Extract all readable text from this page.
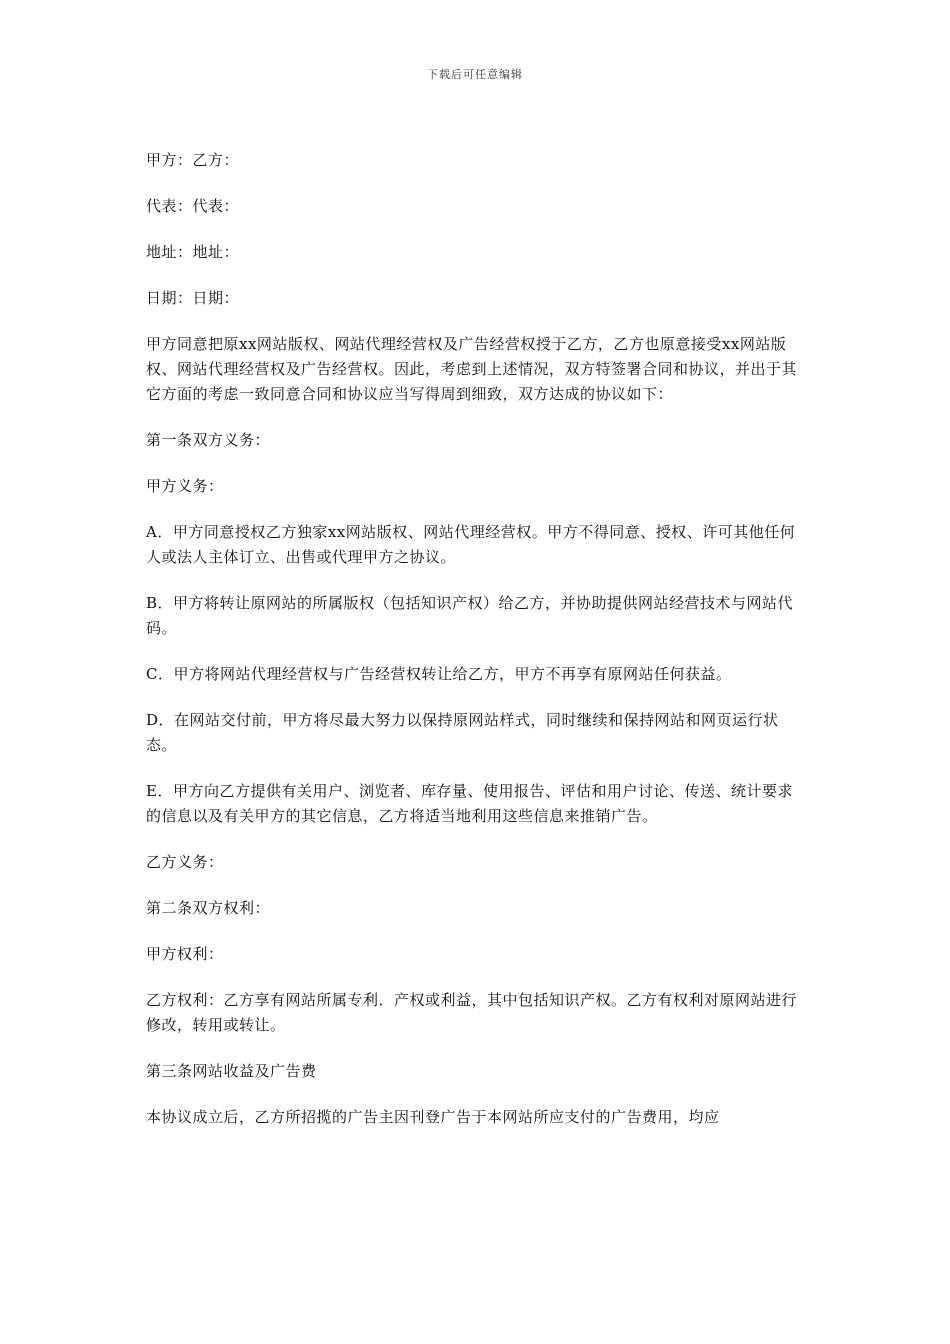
下载后可任意编辑

甲方：乙方：

代表：代表：

地址：地址：

日期：日期：

甲方同意把原xx网站版权、网站代理经营权及广告经营权授于乙方，乙方也原意接受xx网站版权、网站代理经营权及广告经营权。因此，考虑到上述情况，双方特签署合同和协议，并出于其它方面的考虑一致同意合同和协议应当写得周到细致，双方达成的协议如下：

第一条双方义务：

甲方义务：

A．甲方同意授权乙方独家xx网站版权、网站代理经营权。甲方不得同意、授权、许可其他任何人或法人主体订立、出售或代理甲方之协议。

B．甲方将转让原网站的所属版权（包括知识产权）给乙方，并协助提供网站经营技术与网站代码。

C．甲方将网站代理经营权与广告经营权转让给乙方，甲方不再享有原网站任何获益。

D．在网站交付前，甲方将尽最大努力以保持原网站样式，同时继续和保持网站和网页运行状态。

E．甲方向乙方提供有关用户、浏览者、库存量、使用报告、评估和用户讨论、传送、统计要求的信息以及有关甲方的其它信息，乙方将适当地利用这些信息来推销广告。

乙方义务：

第二条双方权利：

甲方权利：

乙方权利：乙方享有网站所属专利．产权或利益，其中包括知识产权。乙方有权利对原网站进行修改，转用或转让。

第三条网站收益及广告费

本协议成立后，乙方所招揽的广告主因刊登广告于本网站所应支付的广告费用，均应
